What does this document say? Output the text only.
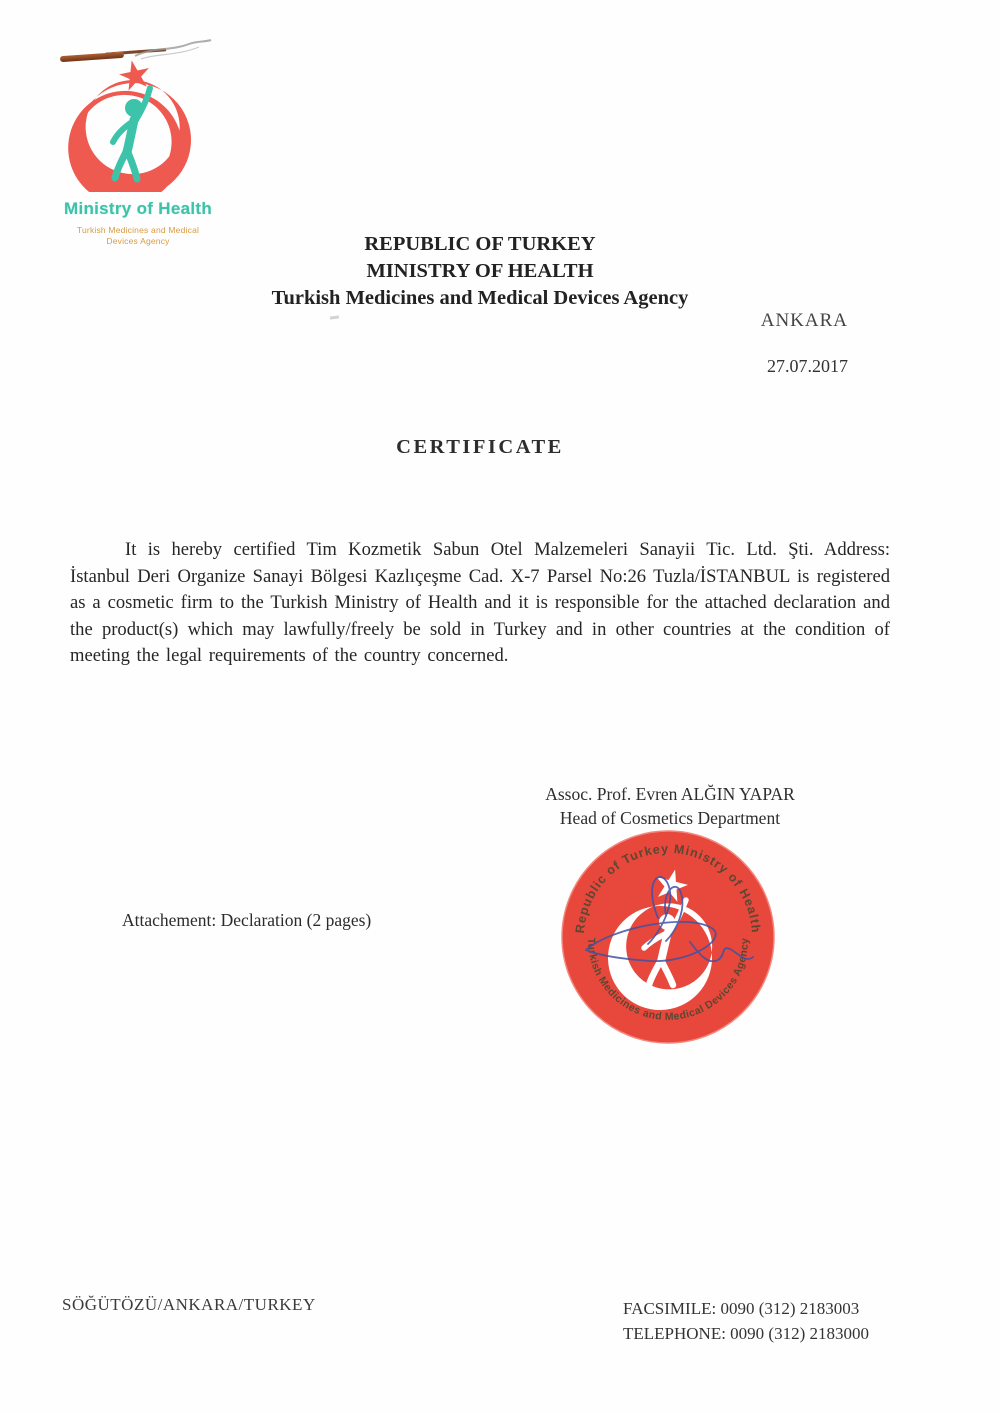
Ministry of Health
Turkish Medicines and Medical
Devices Agency	REPUBLIC OF TURKEY
MINISTRY OF HEALTH
Turkish Medicines and Medical Devices Agency
ANKARA
27.07.2017
CERTIFICATE
It is hereby certified Tim Kozmetik Sabun Otel Malzemeleri Sanayii Tic. Ltd. Şti. Address: İstanbul Deri Organize Sanayi Bölgesi Kazlıçeşme Cad. X-7 Parsel No:26 Tuzla/İSTANBUL is registered as a cosmetic firm to the Turkish Ministry of Health and it is responsible for the attached declaration and the product(s) which may lawfully/freely be sold in Turkey and in other countries at the condition of meeting the legal requirements of the country concerned.
Assoc. Prof. Evren ALĞIN YAPAR
Head of Cosmetics Department
Attachement: Declaration (2 pages)	Republic of Turkey Ministry of Health
Turkish Medicines and Medical Devices Agency
SÖĞÜTÖZÜ/ANKARA/TURKEY	FACSIMILE: 0090 (312) 2183003
TELEPHONE: 0090 (312) 2183000
